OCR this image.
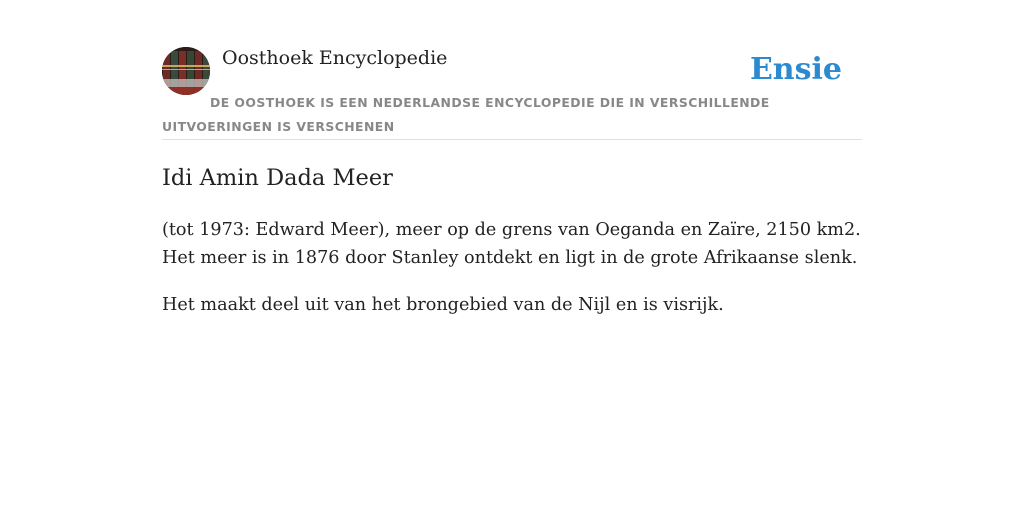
Oosthoek Encyclopedie	Ensie
DE OOSTHOEK IS EEN NEDERLANDSE ENCYCLOPEDIE DIE IN VERSCHILLENDE UITVOERINGEN IS VERSCHENEN
Idi Amin Dada Meer

(tot 1973: Edward Meer), meer op de grens van Oeganda en Zaïre, 2150 km2. Het meer is in 1876 door Stanley ontdekt en ligt in de grote Afrikaanse slenk.

Het maakt deel uit van het brongebied van de Nijl en is visrijk.
